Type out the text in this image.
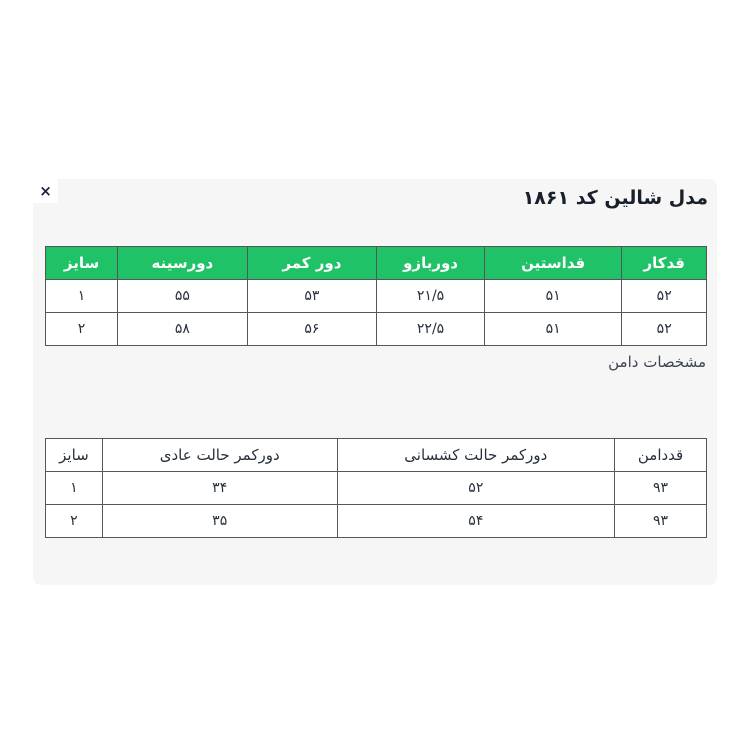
×	مدل شالین کد ۱۸۶۱
قدکار	قداستین	دوربازو	دور کمر	دورسینه	سایز
۵۲	۵۱	۲۱/۵	۵۳	۵۵	۱
۵۲	۵۱	۲۲/۵	۵۶	۵۸	۲
مشخصات دامن
قددامن	دورکمر حالت کشسانی	دورکمر حالت عادی	سایز
۹۳	۵۲	۳۴	۱
۹۳	۵۴	۳۵	۲
